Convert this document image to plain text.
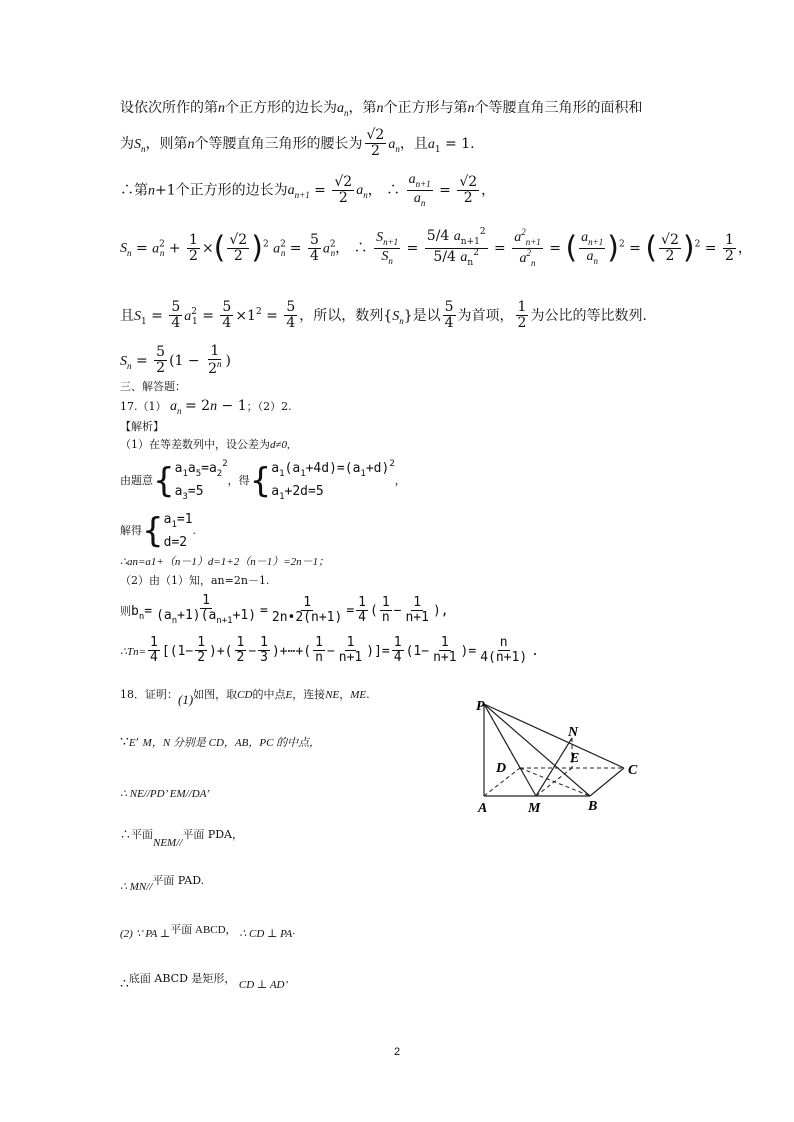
设依次所作的第n个正方形的边长为$a_n$，第n个正方形与第n个等腰直角三角形的面积和
为$S_n$，则第n个等腰直角三角形的腰长为 $\frac{√2}{2} a_n$，且$a_1 = 1$.
∴第n+1个正方形的边长为$a_{n+1} = \frac{√2}{2} a_n$， ∴ $\frac{a_{n+1}}{a_n} = \frac{√2}{2}$ ，
$S_n = a^2_n + \frac{1}{2}$ ×( $\frac{√2}{2} )^2$ $a^2_n = \frac{5}{4} a^2_n$， ∴ $\frac{S_{n+1}}{S_n} = \frac{5/4 a_{n+1}^2}{5/4 a_n^2} = \frac{a^2_{n+1}}{a^2_n}$ = ( $\frac{a_{n+1}}{a_n} )^2$ = ( $\frac{√2}{2} )^2 = \frac{1}{2}$ ，
且$S_1 = \frac{5}{4} a^2_1 = \frac{5}{4} \times 1^2 = \frac{5}{4}$ ，所以，数列$\{S_n\}$是以 $\frac{5}{4}$ 为首项， $\frac{1}{2}$ 为公比的等比数列.
$S_n = \frac{5}{2} (1 - \frac{1}{2^n}$ )
三、解答题：
17.（1） $a_n = 2n - 1$；（2）2.
【解析】
（1）在等差数列中，设公差为d≠0,
由题意{ $a_1a_5=a_2^2$
$a_3=5$
，得{ $a_1(a_1+4d)=(a_1+d)^2$
$a_1+2d=5$
，
解得{ $a_1=1$
d=2
.
∴an=a1+（n－1）d=1+2（n－1）=2n－1；
（2）由（1）知，an=2n－1.
则$b_n= \frac{1}{(a_n+1)(a_{n+1}+1)} = \frac{1}{2n•2(n+1)} = \frac{1}{4}$ ( $\frac{1}{n} - \frac{1}{n+1}$ ),
∴Tn= $\frac{1}{4} [(1- \frac{1}{2}$ )+( $\frac{1}{2} - \frac{1}{3}$ )+⋯+( $\frac{1}{n} - \frac{1}{n+1}$ )]= $\frac{1}{4} (1- \frac{1}{n+1}$ )= $\frac{n}{4(n+1)}$ .
18．证明：(1)如图，取CD的中点E，连接NE，ME.
∵E’ M，N 分别是 CD，AB，PC 的中点，
∴ NE//PD’ EM//DA’
∴平面NEM//平面 PDA，
∴ MN//平面 PAD.
(2) ∵ PA ⊥平面 ABCD， ∴ CD ⊥ PA·
∴底面 ABCD 是矩形， CD ⊥ AD’
P
N
E
D	C
A	M	B
2
